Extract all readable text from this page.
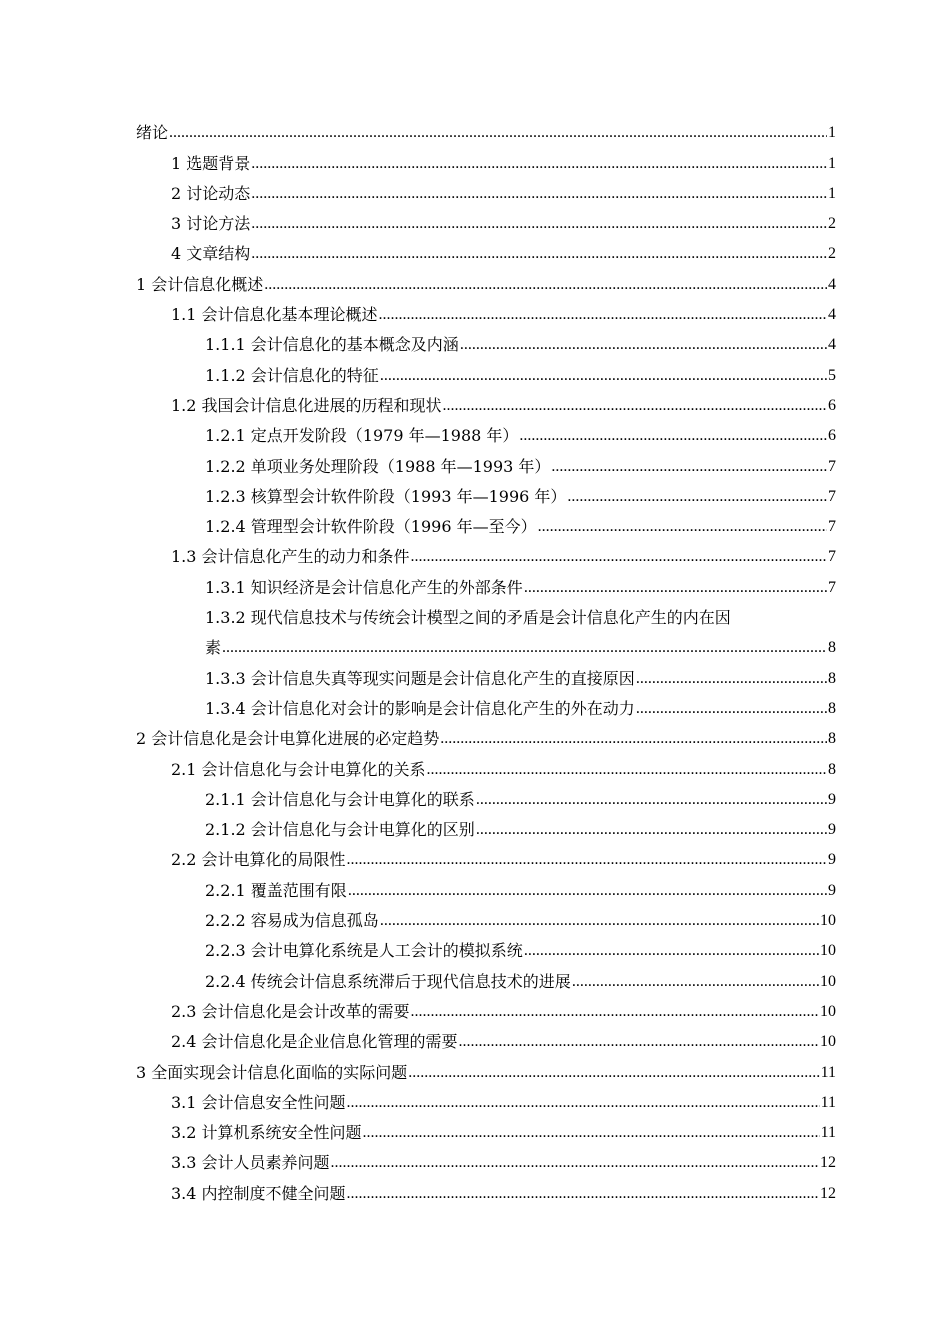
绪论 .....	1
1 选题背景 .....	1
2 讨论动态 .....	1
3 讨论方法 .....	2
4 文章结构 .....	2
1 会计信息化概述 .....	4
1.1 会计信息化基本理论概述 .....	4
1.1.1 会计信息化的基本概念及内涵 .....	4
1.1.2 会计信息化的特征 .....	5
1.2 我国会计信息化进展的历程和现状 .....	6
1.2.1 定点开发阶段（1979 年—1988 年） .....	6
1.2.2 单项业务处理阶段（1988 年—1993 年） .....	7
1.2.3 核算型会计软件阶段（1993 年—1996 年） .....	7
1.2.4 管理型会计软件阶段（1996 年—至今） .....	7
1.3 会计信息化产生的动力和条件 .....	7
1.3.1 知识经济是会计信息化产生的外部条件 .....	7
1.3.2 现代信息技术与传统会计模型之间的矛盾是会计信息化产生的内在因
素 .....	8
1.3.3 会计信息失真等现实问题是会计信息化产生的直接原因 .....	8
1.3.4 会计信息化对会计的影响是会计信息化产生的外在动力 .....	8
2 会计信息化是会计电算化进展的必定趋势 .....	8
2.1 会计信息化与会计电算化的关系 .....	8
2.1.1 会计信息化与会计电算化的联系 .....	9
2.1.2 会计信息化与会计电算化的区别 .....	9
2.2 会计电算化的局限性 .....	9
2.2.1 覆盖范围有限 .....	9
2.2.2 容易成为信息孤岛 .....	10
2.2.3 会计电算化系统是人工会计的模拟系统 .....	10
2.2.4 传统会计信息系统滞后于现代信息技术的进展 .....	10
2.3 会计信息化是会计改革的需要 .....	10
2.4 会计信息化是企业信息化管理的需要 .....	10
3 全面实现会计信息化面临的实际问题 .....	11
3.1 会计信息安全性问题 .....	11
3.2 计算机系统安全性问题 .....	11
3.3 会计人员素养问题 .....	12
3.4 内控制度不健全问题 .....	12
